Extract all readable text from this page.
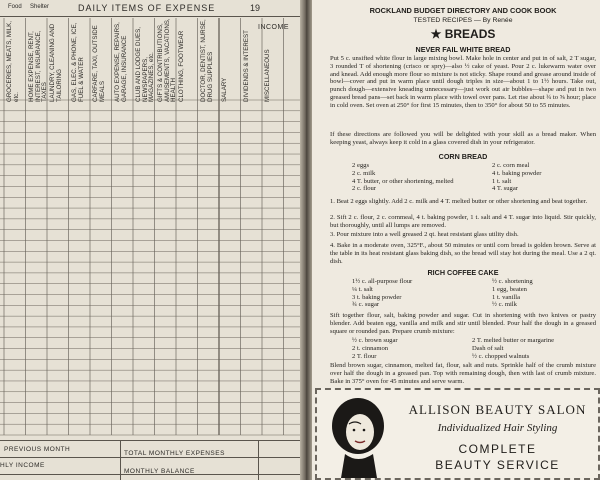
Food Shelter	DAILY ITEMS OF EXPENSE	19
INCOME
GROCERIES, MEATS, MILK, etc. HOME EXPENSE, RENT, INTEREST, INSURANCE, TAXES LAUNDRY, CLEANING AND TAILORING GAS, ELEC. & PHONE, ICE, FUEL & WATER CARFARE, TAXI, OUTSIDE MEALS AUTO EXPENSE, REPAIRS, GARAGE, INSURANCE CLUB AND LODGE DUES, NEWSPAPERS, MAGAZINES, etc. GIFTS & CONTRIBUTIONS, AMUSEMENTS, VACATIONS, HEALTH CLOTHING, FOOTWEAR DOCTOR, DENTIST, NURSE, DRUG SUPPLIES SALARY DIVIDENDS & INTEREST MISCELLANEOUS
PREVIOUS MONTH
HLY INCOME
TOTAL MONTHLY EXPENSES
MONTHLY BALANCE
ROCKLAND BUDGET DIRECTORY AND COOK BOOK
TESTED RECIPES — By Renée
★ BREADS
NEVER FAIL WHITE BREAD
Put 5 c. unsifted white flour in large mixing bowl. Make hole in center and put in of salt, 2 T sugar, 3 rounded T of shortening (crisco or spry)—also ½ cake of yeast. Pour 2 c. lukewarm water over and knead. Add enough more flour so mixture is not sticky. Shape round and grease around inside of bowl—cover and put in warm place until dough triples in size—about 1 to 1½ hours. Take out, punch dough—extensive kneading unnecessary—just work out air bubbles—shape and put in two greased bread pans—set back in warm place with towel over pans. Let rise about ¾ to ⅝ hour; place in cold oven. Set oven at 250° for first 15 minutes, then to 350° for about 50 to 55 minutes.
If these directions are followed you will be delighted with your skill as a bread maker. When keeping yeast, always keep it cold in a glass covered dish in your refrigerator.
CORN BREAD
2 eggs
2 c. milk
4 T. butter, or other shortening, melted
2 c. flour
2 c. corn meal
4 t. baking powder
1 t. salt
4 T. sugar
1. Beat 2 eggs slightly. Add 2 c. milk and 4 T. melted butter or other shortening and beat together.
2. Sift 2 c. flour, 2 c. cornmeal, 4 t. baking powder, 1 t. salt and 4 T. sugar into liquid. Stir quickly, but thoroughly, until all lumps are removed.
3. Pour mixture into a well greased 2 qt. heat resistant glass utility dish.
4. Bake in a moderate oven, 325°F., about 50 minutes or until corn bread is golden brown. Serve at the table in its heat resistant glass baking dish, so the bread will stay hot during the meal. Use a 2 qt. dish.
RICH COFFEE CAKE
1½ c. all-purpose flour
¼ t. salt
3 t. baking powder
¾ c. sugar
½ c. shortening
1 egg, beaten
1 t. vanilla
½ c. milk
Sift together flour, salt, baking powder and sugar. Cut in shortening with two knives or pastry blender. Add beaten egg, vanilla and milk and stir until blended. Pour half the dough in a greased square or rounded pan. Prepare crumb mixture:
½ c. brown sugar
2 t. cinnamon
2 T. flour
2 T. melted butter or margarine
Dash of salt
½ c. chopped walnuts
Blend brown sugar, cinnamon, melted fat, flour, salt and nuts. Sprinkle half of the crumb mixture over half the dough in a greased pan. Top with remaining dough, then with last of crumb mixture. Bake in 375° oven for 45 minutes and serve warm.
ALLISON BEAUTY SALON
Individualized Hair Styling
COMPLETE
BEAUTY SERVICE
